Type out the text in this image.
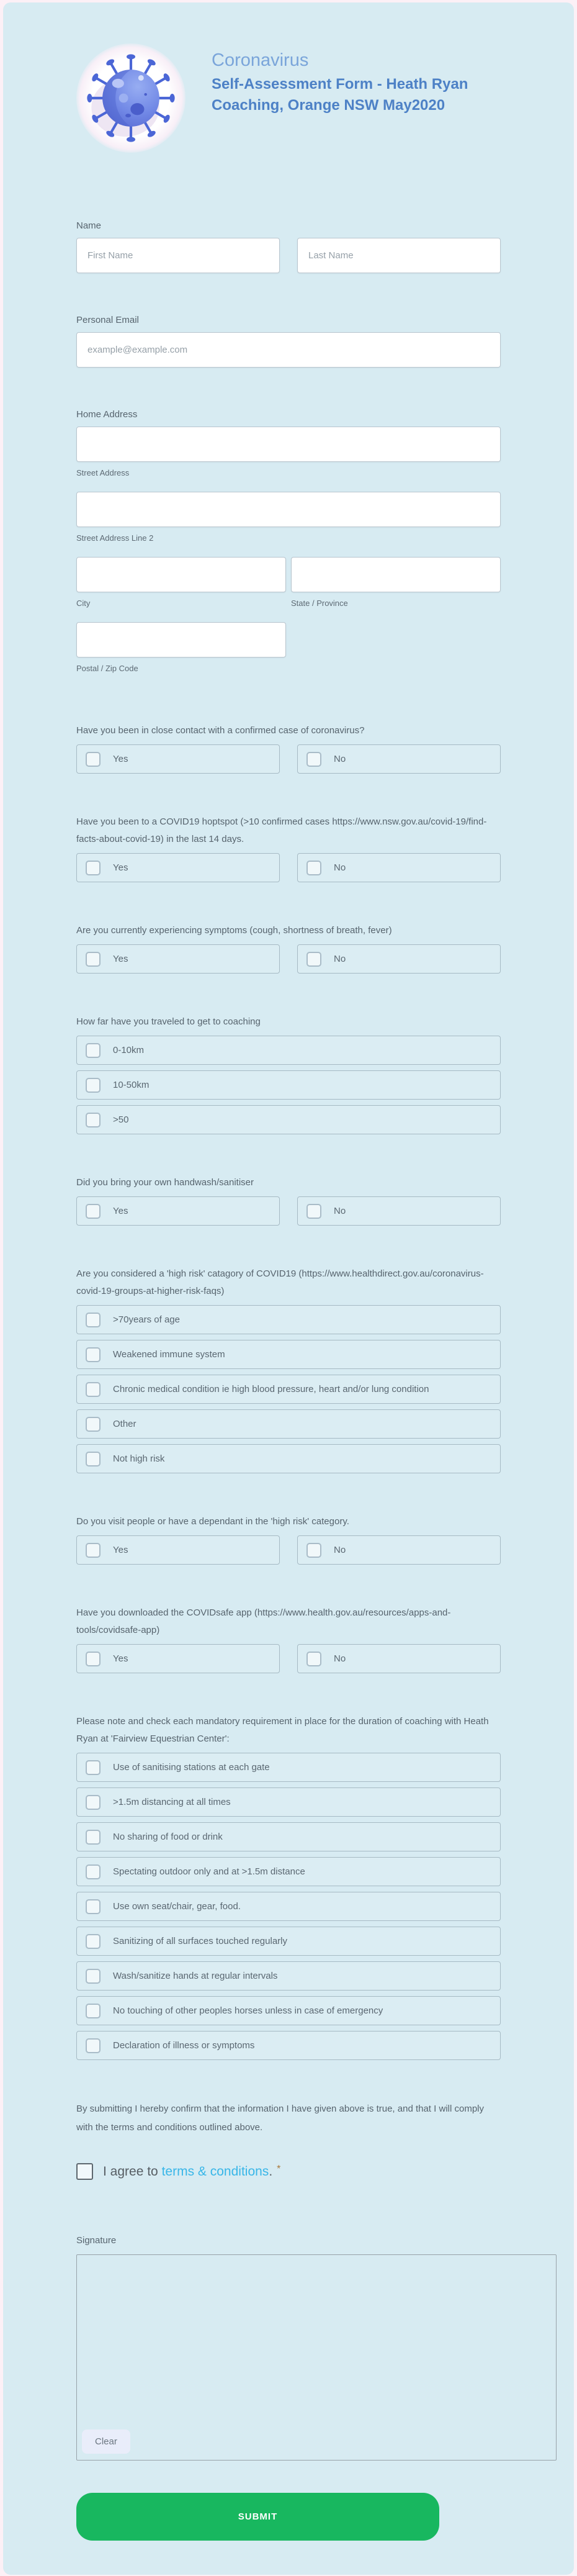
Coronavirus
Self-Assessment Form - Heath Ryan Coaching, Orange NSW May2020
Name
First Name
Last Name
Personal Email
example@example.com
Home Address
Street Address
Street Address Line 2
City	State / Province
Postal / Zip Code
Have you been in close contact with a confirmed case of coronavirus?
Yes	No
Have you been to a COVID19 hoptspot (>10 confirmed cases https://www.nsw.gov.au/covid-19/find-facts-about-covid-19) in the last 14 days.
Yes	No
Are you currently experiencing symptoms (cough, shortness of breath, fever)
Yes	No
How far have you traveled to get to coaching
0-10km
10-50km
>50
Did you bring your own handwash/sanitiser
Yes	No
Are you considered a 'high risk' catagory of COVID19 (https://www.healthdirect.gov.au/coronavirus-covid-19-groups-at-higher-risk-faqs)
>70years of age
Weakened immune system
Chronic medical condition ie high blood pressure, heart and/or lung condition
Other
Not high risk
Do you visit people or have a dependant in the 'high risk' category.
Yes	No
Have you downloaded the COVIDsafe app (https://www.health.gov.au/resources/apps-and-tools/covidsafe-app)
Yes	No
Please note and check each mandatory requirement in place for the duration of coaching with Heath Ryan at 'Fairview Equestrian Center':
Use of sanitising stations at each gate
>1.5m distancing at all times
No sharing of food or drink
Spectating outdoor only and at >1.5m distance
Use own seat/chair, gear, food.
Sanitizing of all surfaces touched regularly
Wash/sanitize hands at regular intervals
No touching of other peoples horses unless in case of emergency
Declaration of illness or symptoms
By submitting I hereby confirm that the information I have given above is true, and that I will comply with the terms and conditions outlined above.
I agree to terms & conditions. *
Signature
Clear
SUBMIT
